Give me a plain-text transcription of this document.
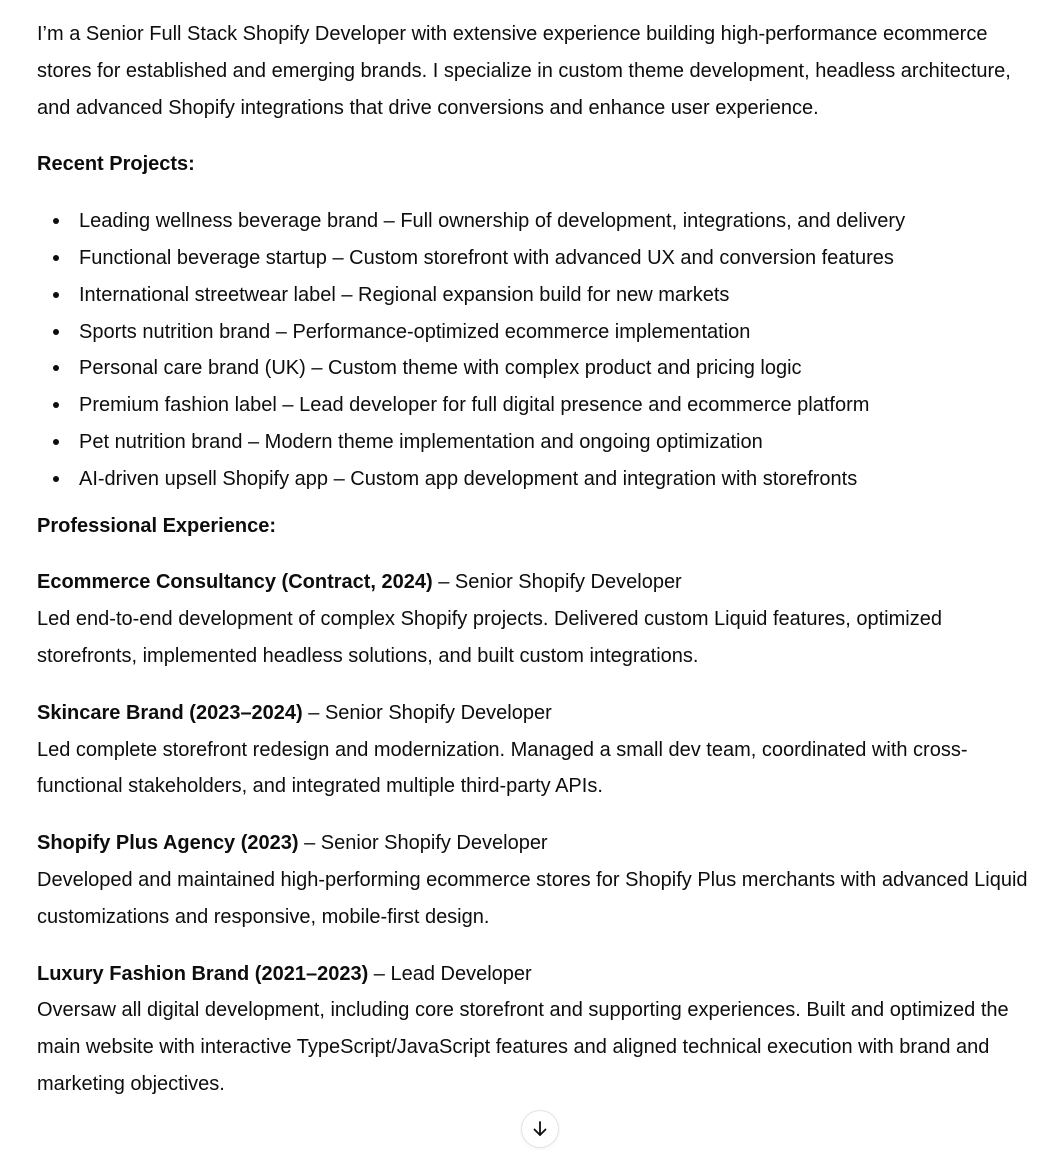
I’m a Senior Full Stack Shopify Developer with extensive experience building high-performance ecommerce stores for established and emerging brands. I specialize in custom theme development, headless architecture, and advanced Shopify integrations that drive conversions and enhance user experience.

Recent Projects:

Leading wellness beverage brand – Full ownership of development, integrations, and delivery
Functional beverage startup – Custom storefront with advanced UX and conversion features
International streetwear label – Regional expansion build for new markets
Sports nutrition brand – Performance-optimized ecommerce implementation
Personal care brand (UK) – Custom theme with complex product and pricing logic
Premium fashion label – Lead developer for full digital presence and ecommerce platform
Pet nutrition brand – Modern theme implementation and ongoing optimization
AI-driven upsell Shopify app – Custom app development and integration with storefronts

Professional Experience:

Ecommerce Consultancy (Contract, 2024) – Senior Shopify Developer

Led end-to-end development of complex Shopify projects. Delivered custom Liquid features, optimized storefronts, implemented headless solutions, and built custom integrations.

Skincare Brand (2023–2024) – Senior Shopify Developer

Led complete storefront redesign and modernization. Managed a small dev team, coordinated with cross-functional stakeholders, and integrated multiple third-party APIs.

Shopify Plus Agency (2023) – Senior Shopify Developer

Developed and maintained high-performing ecommerce stores for Shopify Plus merchants with advanced Liquid customizations and responsive, mobile-first design.

Luxury Fashion Brand (2021–2023) – Lead Developer

Oversaw all digital development, including core storefront and supporting experiences. Built and optimized the main website with interactive TypeScript/JavaScript features and aligned technical execution with brand and marketing objectives.
